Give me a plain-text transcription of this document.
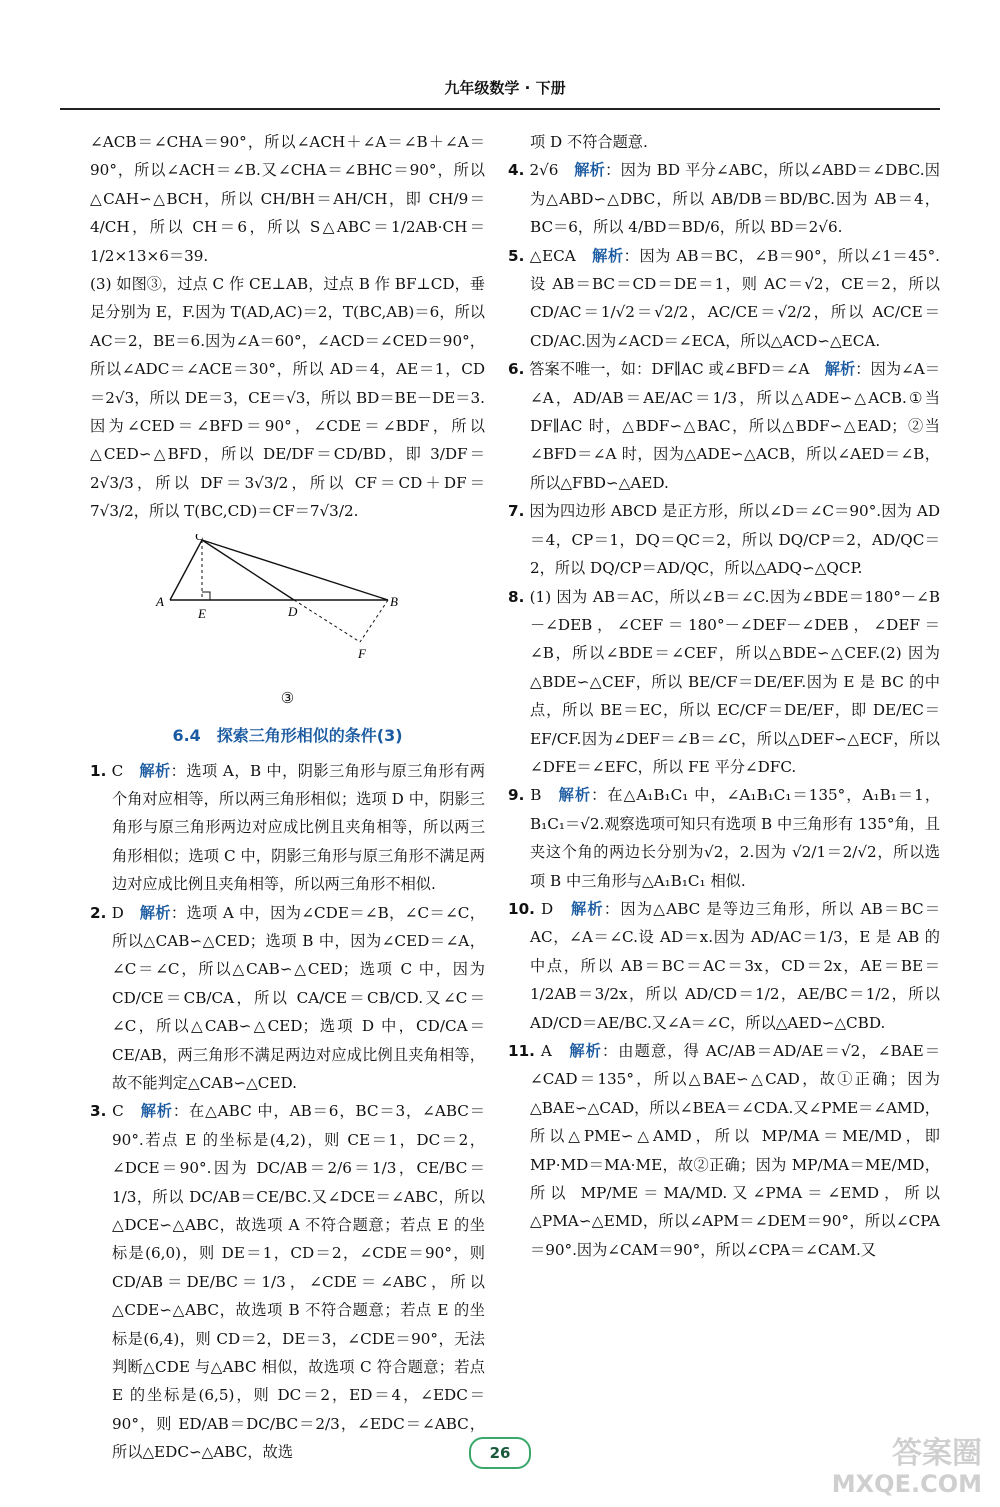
九年级数学 · 下册

∠ACB＝∠CHA＝90°，所以∠ACH＋∠A＝∠B＋∠A＝90°，所以∠ACH＝∠B.又∠CHA＝∠BHC＝90°，所以△CAH∽△BCH，所以 CH/BH＝AH/CH，即 CH/9＝4/CH，所以 CH＝6，所以 S△ABC＝1/2AB·CH＝1/2×13×6＝39.

(3) 如图③，过点 C 作 CE⊥AB，过点 B 作 BF⊥CD，垂足分别为 E，F.因为 T(AD,AC)＝2，T(BC,AB)＝6，所以 AC＝2，BE＝6.因为∠A＝60°，∠ACD＝∠CED＝90°，所以∠ADC＝∠ACE＝30°，所以 AD＝4，AE＝1，CD＝2√3，所以 DE＝3，CE＝√3，所以 BD＝BE－DE＝3.因为∠CED＝∠BFD＝90°，∠CDE＝∠BDF，所以△CED∽△BFD，所以 DE/DF＝CD/BD，即 3/DF＝2√3/3，所以 DF＝3√3/2，所以 CF＝CD＋DF＝7√3/2，所以 T(BC,CD)＝CF＝7√3/2.

C
A
E	D
B
F
③
6.4　探索三角形相似的条件(3)

1. C　 解析：选项 A，B 中，阴影三角形与原三角形有两个角对应相等，所以两三角形相似；选项 D 中，阴影三角形与原三角形两边对应成比例且夹角相等，所以两三角形相似；选项 C 中，阴影三角形与原三角形不满足两边对应成比例且夹角相等，所以两三角形不相似.

2. D　 解析：选项 A 中，因为∠CDE＝∠B，∠C＝∠C，所以△CAB∽△CED；选项 B 中，因为∠CED＝∠A，∠C＝∠C，所以△CAB∽△CED；选项 C 中，因为 CD/CE＝CB/CA，所以 CA/CE＝CB/CD.又∠C＝∠C，所以△CAB∽△CED；选项 D 中，CD/CA＝CE/AB，两三角形不满足两边对应成比例且夹角相等，故不能判定△CAB∽△CED.

3. C　 解析：在△ABC 中，AB＝6，BC＝3，∠ABC＝90°.若点 E 的坐标是(4,2)，则 CE＝1，DC＝2，∠DCE＝90°.因为 DC/AB＝2/6＝1/3，CE/BC＝1/3，所以 DC/AB＝CE/BC.又∠DCE＝∠ABC，所以△DCE∽△ABC，故选项 A 不符合题意；若点 E 的坐标是(6,0)，则 DE＝1，CD＝2，∠CDE＝90°，则 CD/AB＝DE/BC＝1/3，∠CDE＝∠ABC，所以△CDE∽△ABC，故选项 B 不符合题意；若点 E 的坐标是(6,4)，则 CD＝2，DE＝3，∠CDE＝90°，无法判断△CDE 与△ABC 相似，故选项 C 符合题意；若点 E 的坐标是(6,5)，则 DC＝2，ED＝4，∠EDC＝90°，则 ED/AB＝DC/BC＝2/3，∠EDC＝∠ABC，所以△EDC∽△ABC，故选

项 D 不符合题意.

4. 2√6　 解析：因为 BD 平分∠ABC，所以∠ABD＝∠DBC.因为△ABD∽△DBC，所以 AB/DB＝BD/BC.因为 AB＝4，BC＝6，所以 4/BD＝BD/6，所以 BD＝2√6.

5. △ECA　 解析：因为 AB＝BC，∠B＝90°，所以∠1＝45°.设 AB＝BC＝CD＝DE＝1，则 AC＝√2，CE＝2，所以 CD/AC＝1/√2＝√2/2，AC/CE＝√2/2，所以 AC/CE＝CD/AC.因为∠ACD＝∠ECA，所以△ACD∽△ECA.

6. 答案不唯一，如：DF∥AC 或∠BFD＝∠A　 解析：因为∠A＝∠A，AD/AB＝AE/AC＝1/3，所以△ADE∽△ACB.①当 DF∥AC 时，△BDF∽△BAC，所以△BDF∽△EAD；②当∠BFD＝∠A 时，因为△ADE∽△ACB，所以∠AED＝∠B，所以△FBD∽△AED.

7. 因为四边形 ABCD 是正方形，所以∠D＝∠C＝90°.因为 AD＝4，CP＝1，DQ＝QC＝2，所以 DQ/CP＝2，AD/QC＝2，所以 DQ/CP＝AD/QC，所以△ADQ∽△QCP.

8. (1) 因为 AB＝AC，所以∠B＝∠C.因为∠BDE＝180°－∠B－∠DEB，∠CEF＝180°－∠DEF－∠DEB，∠DEF＝∠B，所以∠BDE＝∠CEF，所以△BDE∽△CEF.(2) 因为△BDE∽△CEF，所以 BE/CF＝DE/EF.因为 E 是 BC 的中点，所以 BE＝EC，所以 EC/CF＝DE/EF，即 DE/EC＝EF/CF.因为∠DEF＝∠B＝∠C，所以△DEF∽△ECF，所以∠DFE＝∠EFC，所以 FE 平分∠DFC.

9. B　 解析：在△A₁B₁C₁ 中，∠A₁B₁C₁＝135°，A₁B₁＝1，B₁C₁＝√2.观察选项可知只有选项 B 中三角形有 135°角，且夹这个角的两边长分别为√2，2.因为 √2/1＝2/√2，所以选项 B 中三角形与△A₁B₁C₁ 相似.

10. D　 解析：因为△ABC 是等边三角形，所以 AB＝BC＝AC，∠A＝∠C.设 AD＝x.因为 AD/AC＝1/3，E 是 AB 的中点，所以 AB＝BC＝AC＝3x，CD＝2x，AE＝BE＝1/2AB＝3/2x，所以 AD/CD＝1/2，AE/BC＝1/2，所以 AD/CD＝AE/BC.又∠A＝∠C，所以△AED∽△CBD.

11. A　 解析：由题意，得 AC/AB＝AD/AE＝√2，∠BAE＝∠CAD＝135°，所以△BAE∽△CAD，故①正确；因为△BAE∽△CAD，所以∠BEA＝∠CDA.又∠PME＝∠AMD，所以△PME∽△AMD，所以 MP/MA＝ME/MD，即 MP·MD＝MA·ME，故②正确；因为 MP/MA＝ME/MD，所以 MP/ME＝MA/MD.又∠PMA＝∠EMD，所以△PMA∽△EMD，所以∠APM＝∠DEM＝90°，所以∠CPA＝90°.因为∠CAM＝90°，所以∠CPA＝∠CAM.又

26	答案圈
MXQE.COM
